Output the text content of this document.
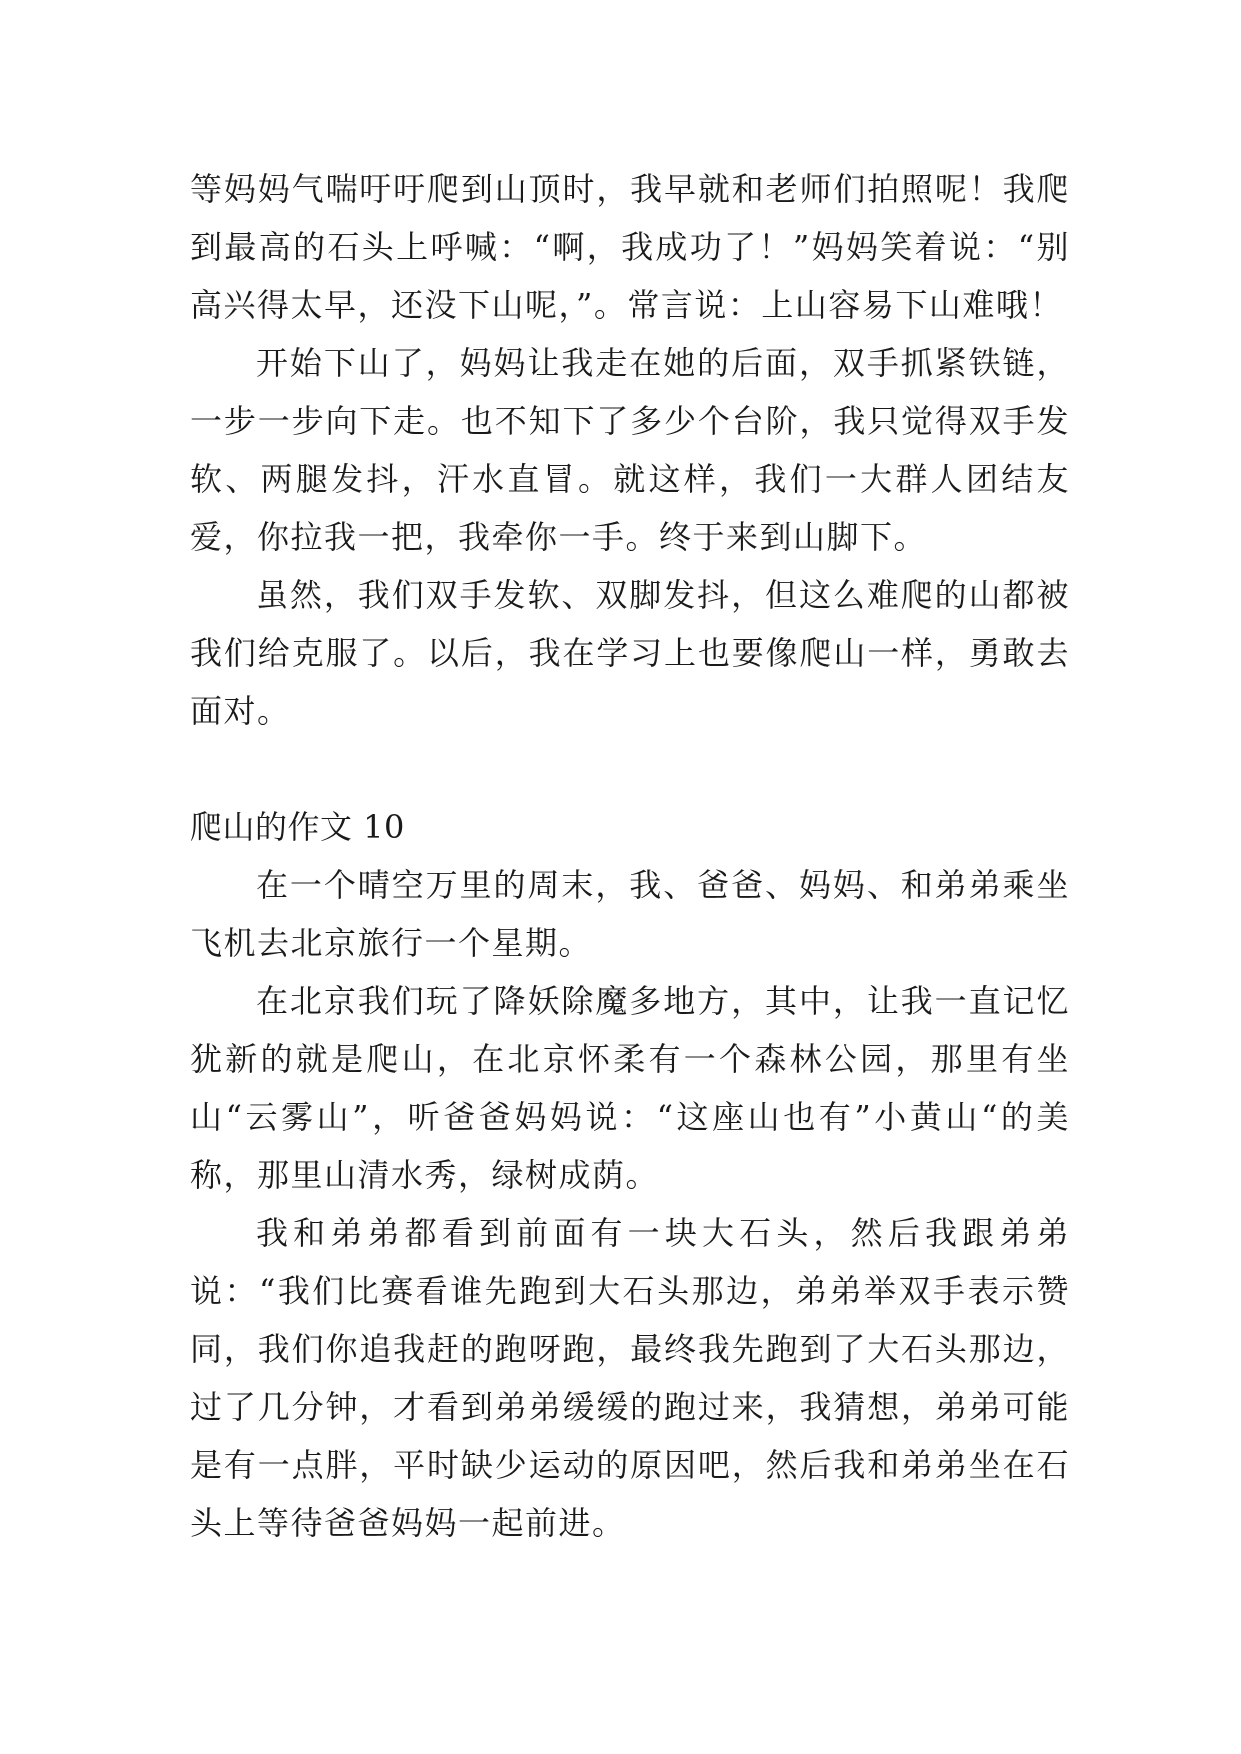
等妈妈气喘吁吁爬到山顶时，我早就和老师们拍照呢！我爬到最高的石头上呼喊：“啊，我成功了！”妈妈笑着说：“别高兴得太早，还没下山呢，”。常言说：上山容易下山难哦！

开始下山了，妈妈让我走在她的后面，双手抓紧铁链，一步一步向下走。也不知下了多少个台阶，我只觉得双手发软、两腿发抖，汗水直冒。就这样，我们一大群人团结友爱，你拉我一把，我牵你一手。终于来到山脚下。

虽然，我们双手发软、双脚发抖，但这么难爬的山都被我们给克服了。以后，我在学习上也要像爬山一样，勇敢去面对。

爬山的作文 10

在一个晴空万里的周末，我、爸爸、妈妈、和弟弟乘坐飞机去北京旅行一个星期。

在北京我们玩了降妖除魔多地方，其中，让我一直记忆犹新的就是爬山，在北京怀柔有一个森林公园，那里有坐山“云雾山”，听爸爸妈妈说：“这座山也有”小黄山“的美称，那里山清水秀，绿树成荫。

我和弟弟都看到前面有一块大石头，然后我跟弟弟说：“我们比赛看谁先跑到大石头那边，弟弟举双手表示赞同，我们你追我赶的跑呀跑，最终我先跑到了大石头那边，过了几分钟，才看到弟弟缓缓的跑过来，我猜想，弟弟可能是有一点胖，平时缺少运动的原因吧，然后我和弟弟坐在石头上等待爸爸妈妈一起前进。
